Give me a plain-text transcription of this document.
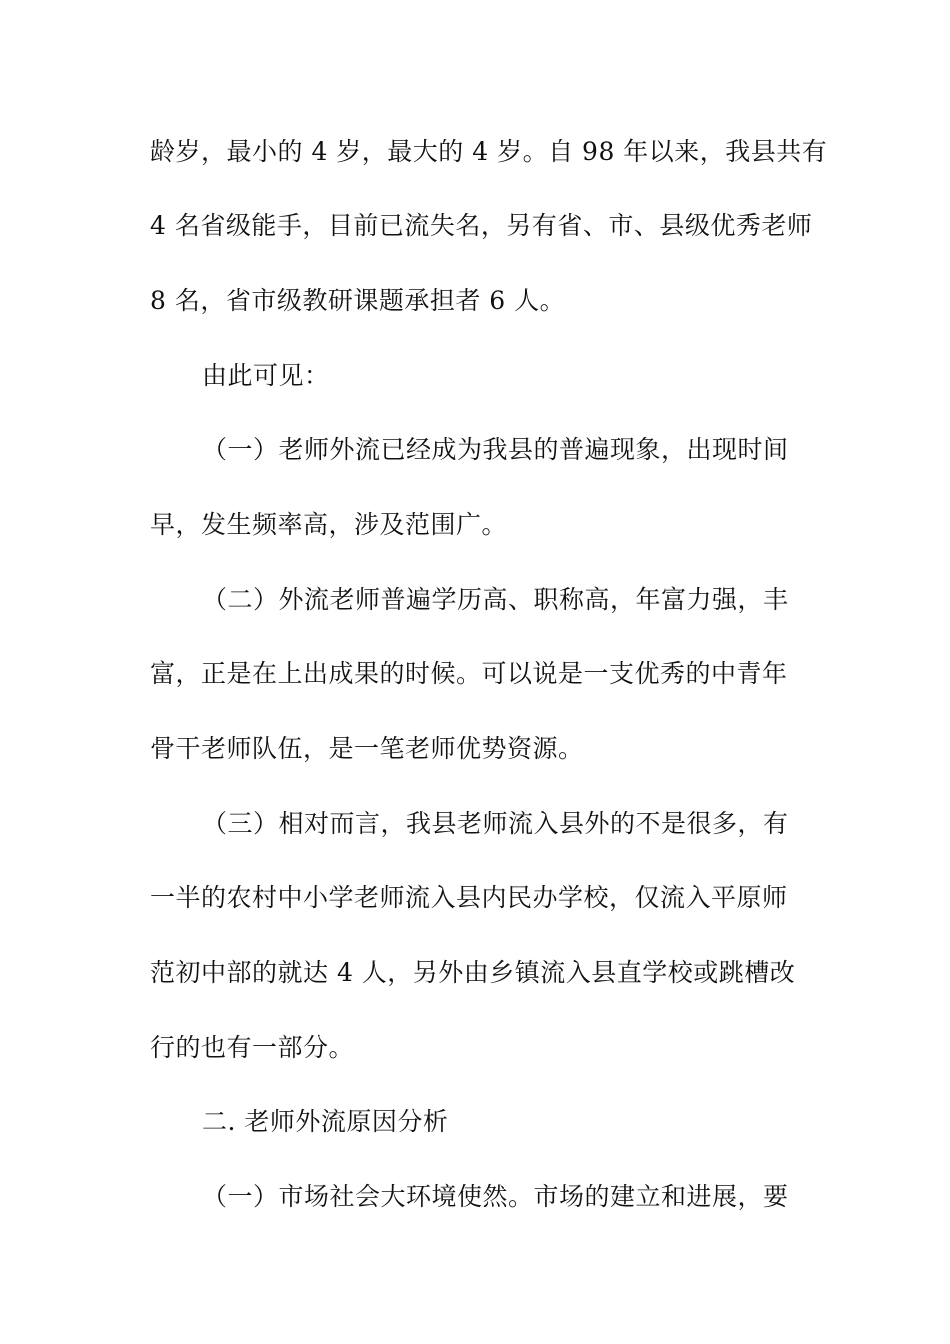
龄岁，最小的 4 岁，最大的 4 岁。自 98 年以来，我县共有
4 名省级能手，目前已流失名，另有省、市、县级优秀老师
8 名，省市级教研课题承担者 6 人。
由此可见：
（一）老师外流已经成为我县的普遍现象，出现时间
早，发生频率高，涉及范围广。
（二）外流老师普遍学历高、职称高，年富力强，丰
富，正是在上出成果的时候。可以说是一支优秀的中青年
骨干老师队伍，是一笔老师优势资源。
（三）相对而言，我县老师流入县外的不是很多，有
一半的农村中小学老师流入县内民办学校，仅流入平原师
范初中部的就达 4 人，另外由乡镇流入县直学校或跳槽改
行的也有一部分。
二. 老师外流原因分析
（一）市场社会大环境使然。市场的建立和进展，要
